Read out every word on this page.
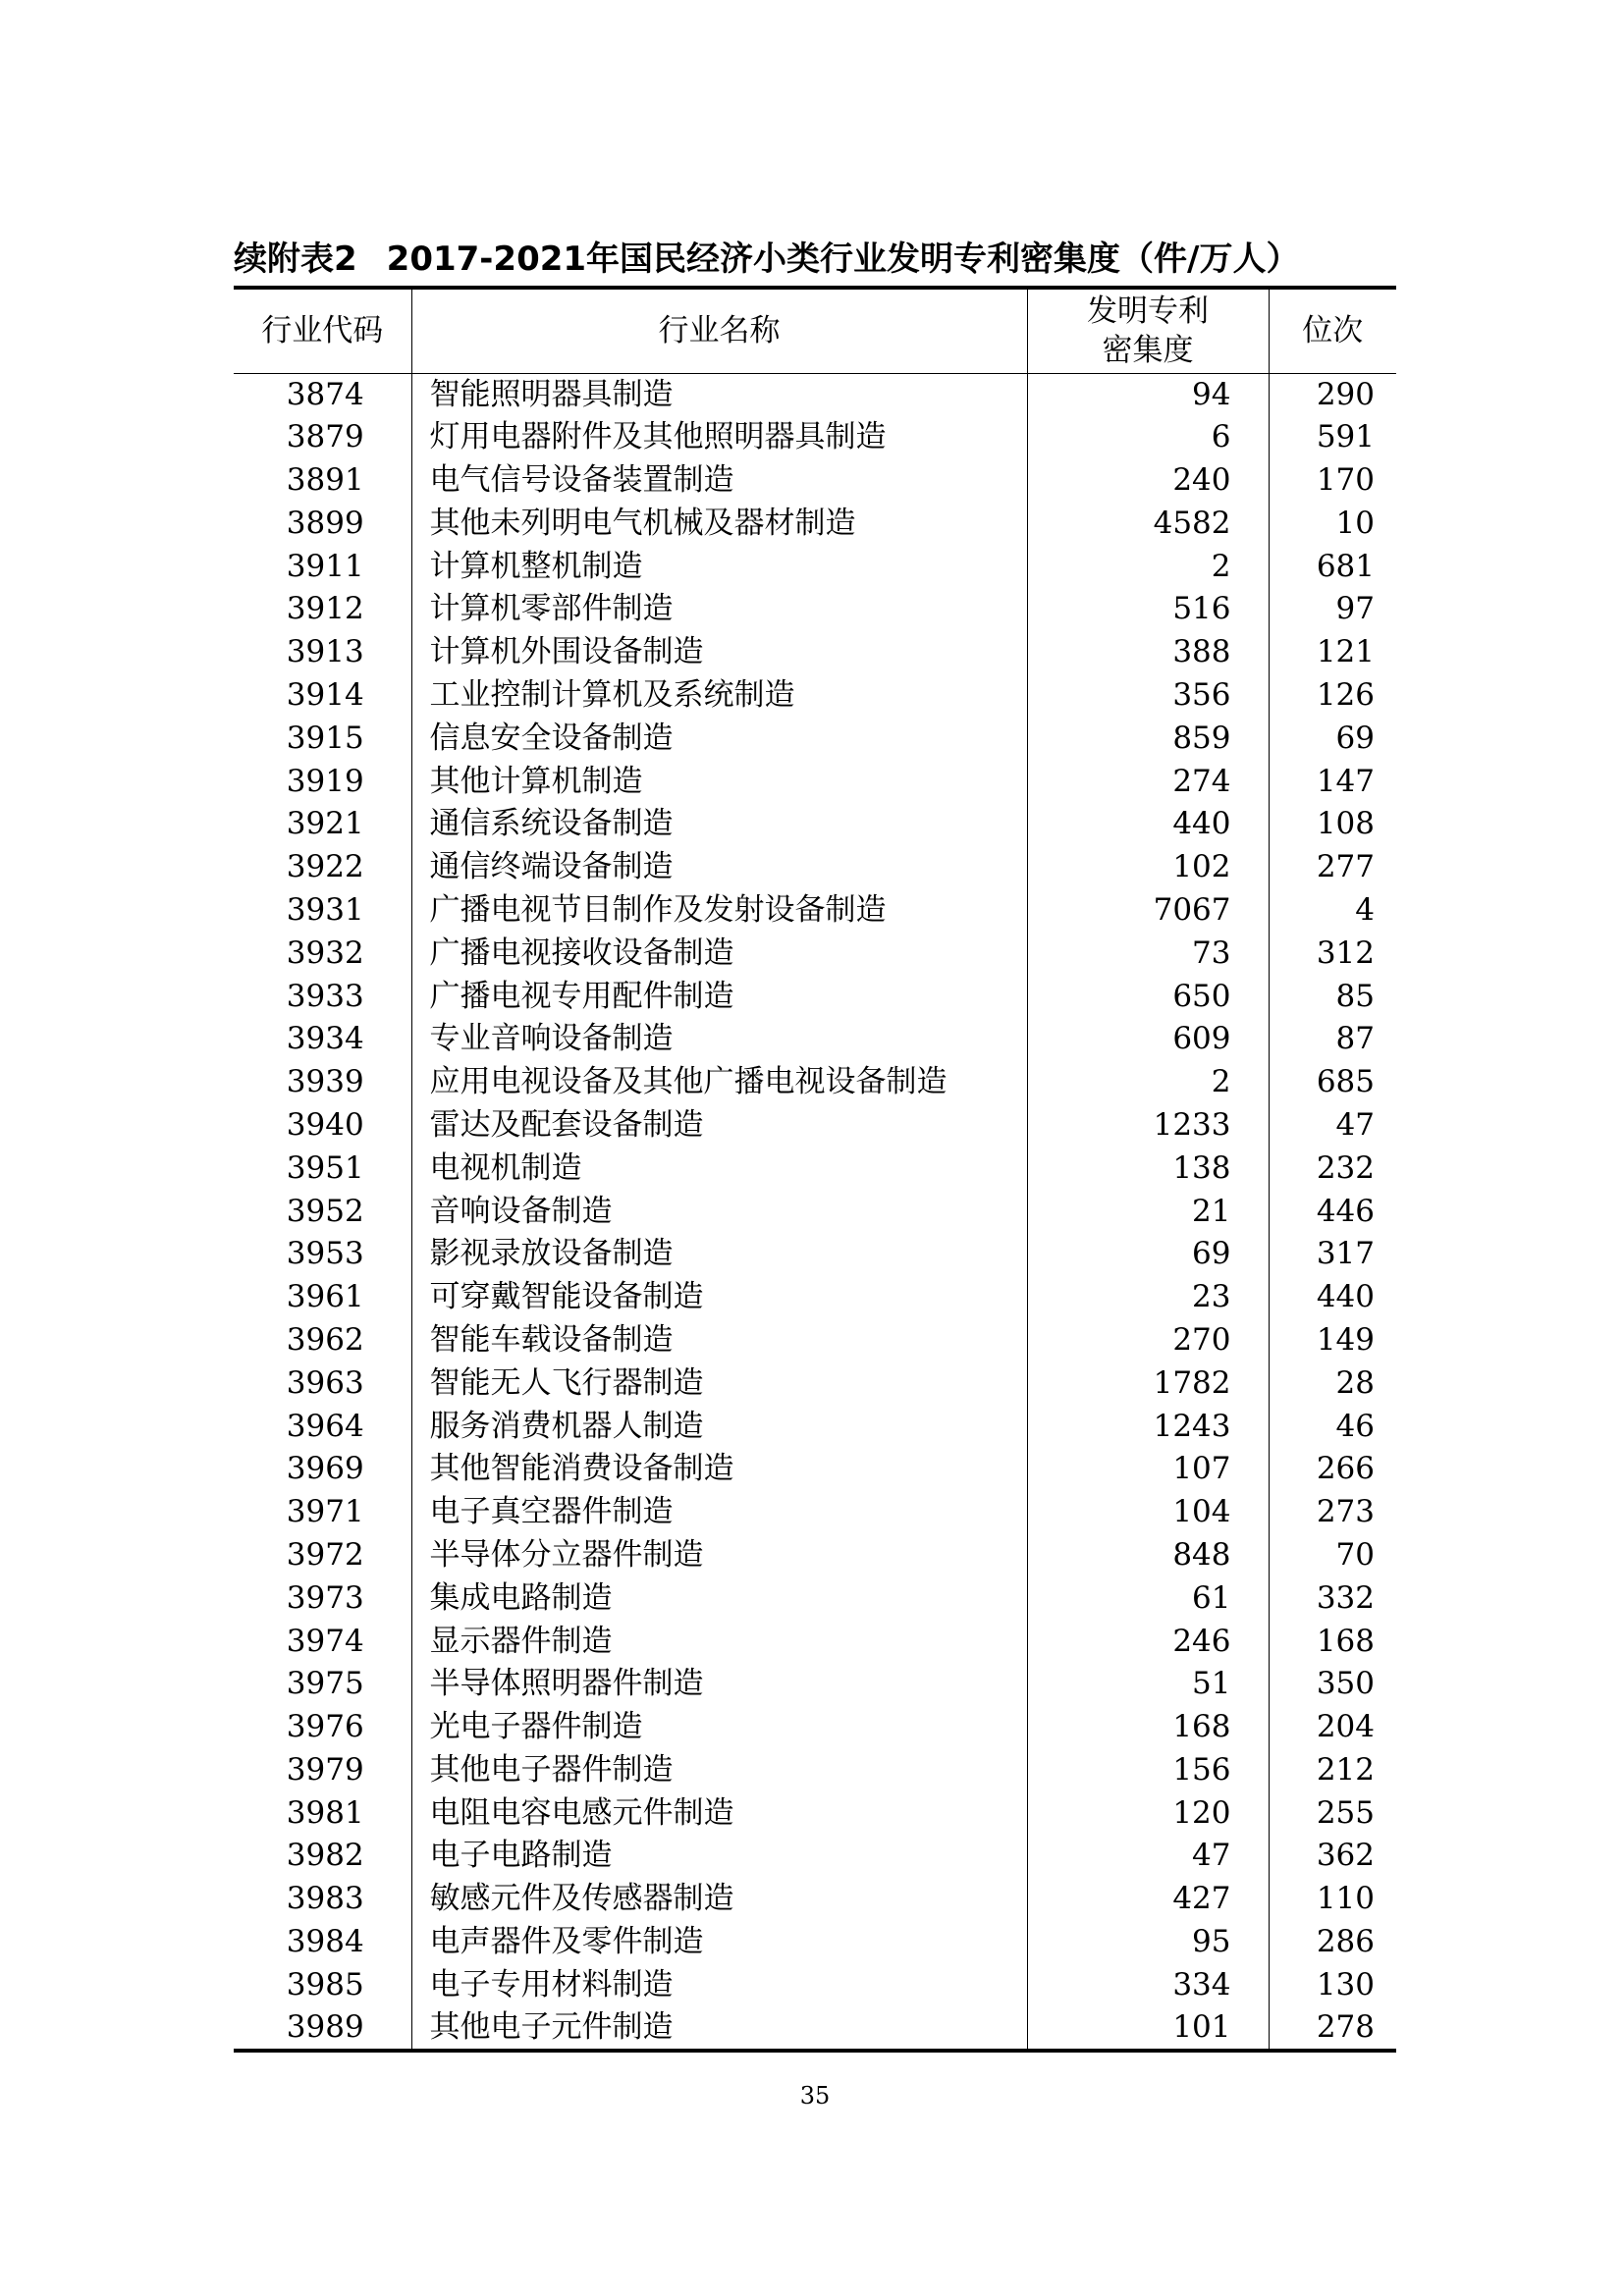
续附表2 2017-2021年国民经济小类行业发明专利密集度（件/万人）
行业代码	行业名称	发明专利
密集度	位次
3874	智能照明器具制造	94	290
3879	灯用电器附件及其他照明器具制造	6	591
3891	电气信号设备装置制造	240	170
3899	其他未列明电气机械及器材制造	4582	10
3911	计算机整机制造	2	681
3912	计算机零部件制造	516	97
3913	计算机外围设备制造	388	121
3914	工业控制计算机及系统制造	356	126
3915	信息安全设备制造	859	69
3919	其他计算机制造	274	147
3921	通信系统设备制造	440	108
3922	通信终端设备制造	102	277
3931	广播电视节目制作及发射设备制造	7067	4
3932	广播电视接收设备制造	73	312
3933	广播电视专用配件制造	650	85
3934	专业音响设备制造	609	87
3939	应用电视设备及其他广播电视设备制造	2	685
3940	雷达及配套设备制造	1233	47
3951	电视机制造	138	232
3952	音响设备制造	21	446
3953	影视录放设备制造	69	317
3961	可穿戴智能设备制造	23	440
3962	智能车载设备制造	270	149
3963	智能无人飞行器制造	1782	28
3964	服务消费机器人制造	1243	46
3969	其他智能消费设备制造	107	266
3971	电子真空器件制造	104	273
3972	半导体分立器件制造	848	70
3973	集成电路制造	61	332
3974	显示器件制造	246	168
3975	半导体照明器件制造	51	350
3976	光电子器件制造	168	204
3979	其他电子器件制造	156	212
3981	电阻电容电感元件制造	120	255
3982	电子电路制造	47	362
3983	敏感元件及传感器制造	427	110
3984	电声器件及零件制造	95	286
3985	电子专用材料制造	334	130
3989	其他电子元件制造	101	278
35
